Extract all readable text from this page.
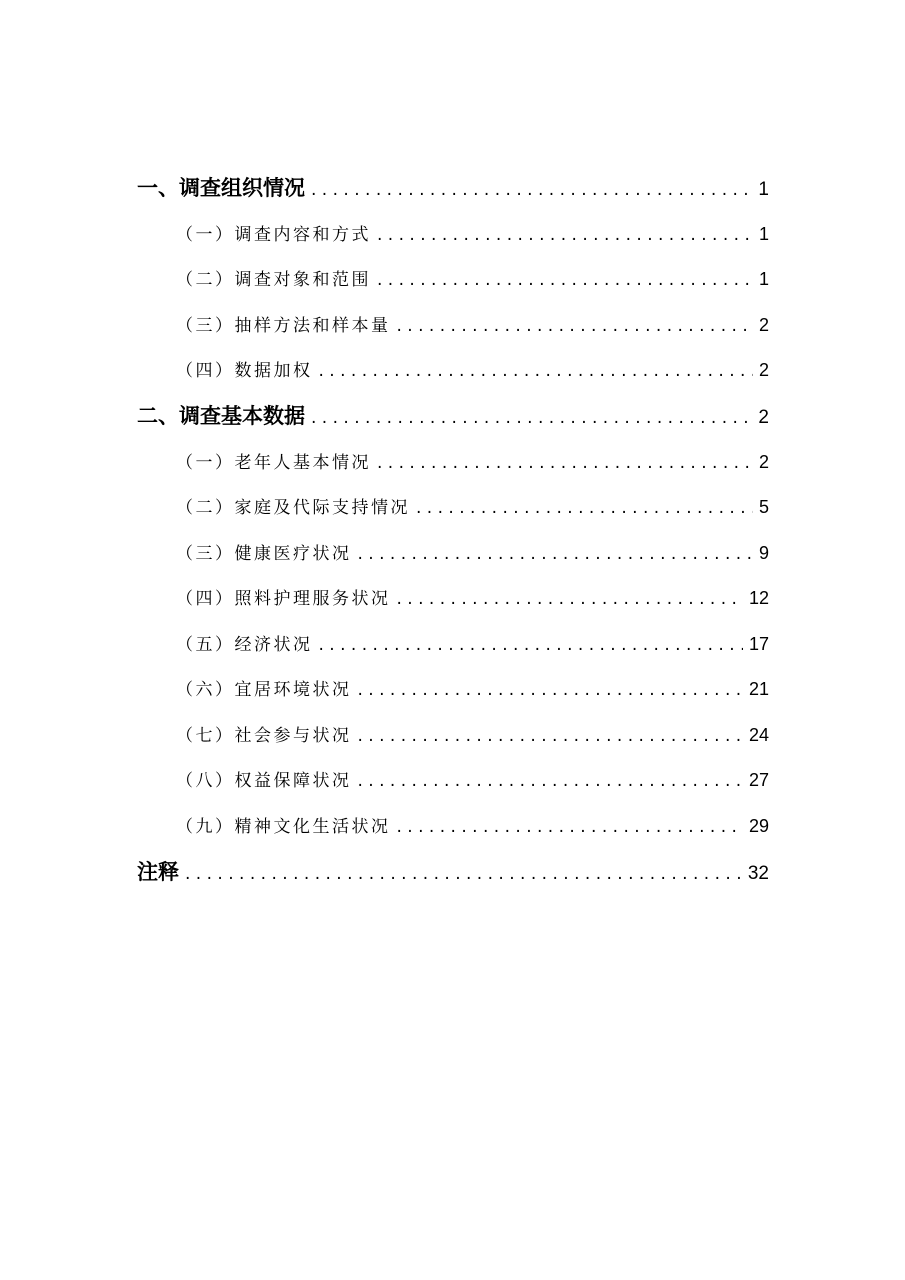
一、调查组织情况 . . .	1
（一）调查内容和方式 . . .	1
（二）调查对象和范围 . . .	1
（三）抽样方法和样本量 . . .	2
（四）数据加权 . . .	2
二、调查基本数据 . . .	2
（一）老年人基本情况 . . .	2
（二）家庭及代际支持情况 . . .	5
（三）健康医疗状况 . . .	9
（四）照料护理服务状况 . . .	12
（五）经济状况 . . .	17
（六）宜居环境状况 . . .	21
（七）社会参与状况 . . .	24
（八）权益保障状况 . . .	27
（九）精神文化生活状况 . . .	29
注释 . . .	32
